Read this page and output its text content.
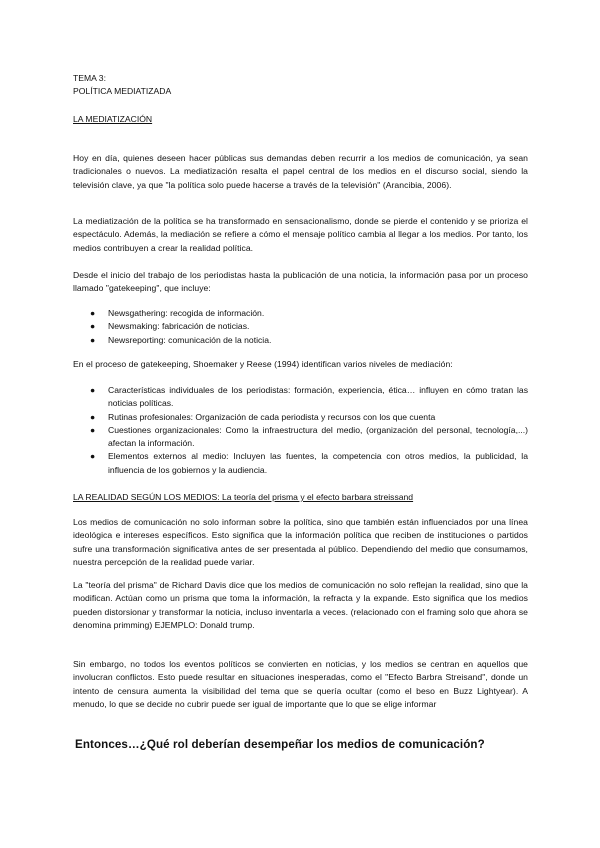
TEMA 3:
POLÍTICA MEDIATIZADA
LA MEDIATIZACIÓN
Hoy en día, quienes deseen hacer públicas sus demandas deben recurrir a los medios de comunicación, ya sean tradicionales o nuevos. La mediatización resalta el papel central de los medios en el discurso social, siendo la televisión clave, ya que "la política solo puede hacerse a través de la televisión" (Arancibia, 2006).
La mediatización de la política se ha transformado en sensacionalismo, donde se pierde el contenido y se prioriza el espectáculo. Además, la mediación se refiere a cómo el mensaje político cambia al llegar a los medios. Por tanto, los medios contribuyen a crear la realidad política.
Desde el inicio del trabajo de los periodistas hasta la publicación de una noticia, la información pasa por un proceso llamado "gatekeeping", que incluye:
● Newsgathering: recogida de información.
● Newsmaking: fabricación de noticias.
● Newsreporting: comunicación de la noticia.
En el proceso de gatekeeping, Shoemaker y Reese (1994) identifican varios niveles de mediación:
● Características individuales de los periodistas: formación, experiencia, ética… influyen en cómo tratan las noticias políticas.
● Rutinas profesionales: Organización de cada periodista y recursos con los que cuenta
● Cuestiones organizacionales: Como la infraestructura del medio, (organización del personal, tecnología,...) afectan la información.
● Elementos externos al medio: Incluyen las fuentes, la competencia con otros medios, la publicidad, la influencia de los gobiernos y la audiencia.
LA REALIDAD SEGÚN LOS MEDIOS: La teoría del prisma y el efecto barbara streissand
Los medios de comunicación no solo informan sobre la política, sino que también están influenciados por una línea ideológica e intereses específicos. Esto significa que la información política que reciben de instituciones o partidos sufre una transformación significativa antes de ser presentada al público. Dependiendo del medio que consumamos, nuestra percepción de la realidad puede variar.
La "teoría del prisma" de Richard Davis dice que los medios de comunicación no solo reflejan la realidad, sino que la modifican. Actúan como un prisma que toma la información, la refracta y la expande. Esto significa que los medios pueden distorsionar y transformar la noticia, incluso inventarla a veces. (relacionado con el framing solo que ahora se denomina primming) EJEMPLO: Donald trump.
Sin embargo, no todos los eventos políticos se convierten en noticias, y los medios se centran en aquellos que involucran conflictos. Esto puede resultar en situaciones inesperadas, como el "Efecto Barbra Streisand", donde un intento de censura aumenta la visibilidad del tema que se quería ocultar (como el beso en Buzz Lightyear). A menudo, lo que se decide no cubrir puede ser igual de importante que lo que se elige informar
Entonces…¿Qué rol deberían desempeñar los medios de comunicación?
